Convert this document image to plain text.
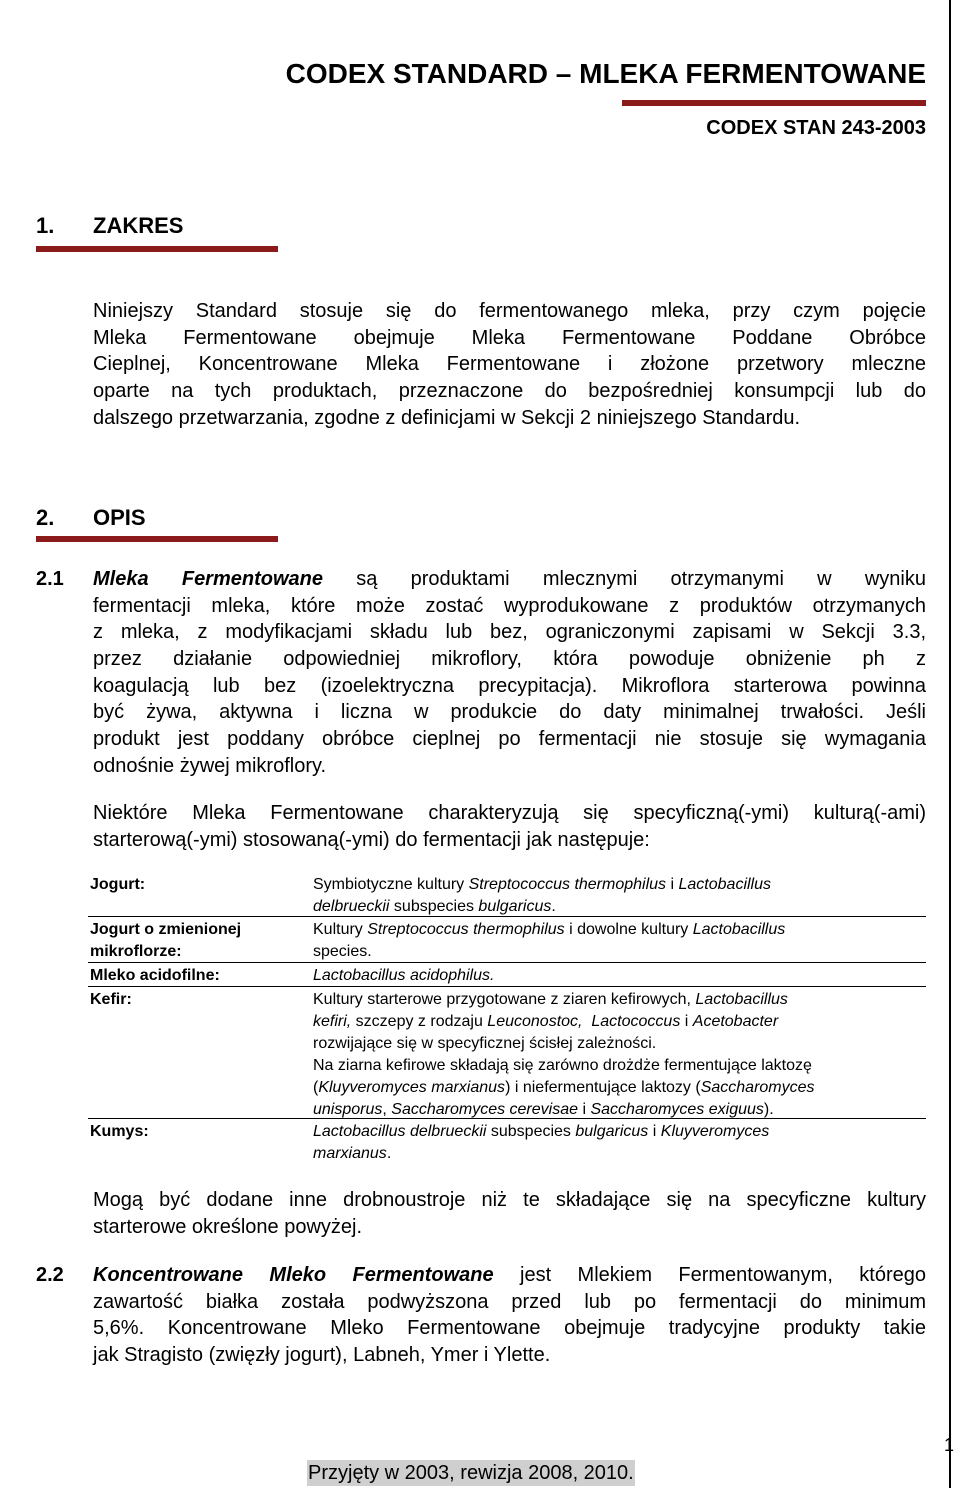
CODEX STANDARD – MLEKA FERMENTOWANE
CODEX STAN 243-2003
1. ZAKRES
Niniejszy Standard stosuje się do fermentowanego mleka, przy czym pojęcie
Mleka Fermentowane obejmuje Mleka Fermentowane Poddane Obróbce
Cieplnej, Koncentrowane Mleka Fermentowane i złożone przetwory mleczne
oparte na tych produktach, przeznaczone do bezpośredniej konsumpcji lub do
dalszego przetwarzania, zgodne z definicjami w Sekcji 2 niniejszego Standardu.
2. OPIS
2.1 Mleka Fermentowane są produktami mlecznymi otrzymanymi w wyniku
fermentacji mleka, które może zostać wyprodukowane z produktów otrzymanych
z mleka, z modyfikacjami składu lub bez, ograniczonymi zapisami w Sekcji 3.3,
przez działanie odpowiedniej mikroflory, która powoduje obniżenie ph z
koagulacją lub bez (izoelektryczna precypitacja). Mikroflora starterowa powinna
być żywa, aktywna i liczna w produkcie do daty minimalnej trwałości. Jeśli
produkt jest poddany obróbce cieplnej po fermentacji nie stosuje się wymagania
odnośnie żywej mikroflory.
Niektóre Mleka Fermentowane charakteryzują się specyficzną(-ymi) kulturą(-ami)
starterową(-ymi) stosowaną(-ymi) do fermentacji jak następuje:
Jogurt:	Symbiotyczne kultury Streptococcus thermophilus i Lactobacillus
delbrueckii subspecies bulgaricus.
Jogurt o zmienionej mikroflorze:
Kultury Streptococcus thermophilus i dowolne kultury Lactobacillus
species.
Mleko acidofilne:	Lactobacillus acidophilus.
Kefir:	Kultury starterowe przygotowane z ziaren kefirowych, Lactobacillus
kefiri, szczepy z rodzaju Leuconostoc, Lactococcus i Acetobacter
rozwijające się w specyficznej ścisłej zależności.
Na ziarna kefirowe składają się zarówno drożdże fermentujące laktozę
(Kluyveromyces marxianus) i niefermentujące laktozy (Saccharomyces
unisporus, Saccharomyces cerevisae i Saccharomyces exiguus).
Kumys:	Lactobacillus delbrueckii subspecies bulgaricus i Kluyveromyces
marxianus.
Mogą być dodane inne drobnoustroje niż te składające się na specyficzne kultury
starterowe określone powyżej.
2.2 Koncentrowane Mleko Fermentowane jest Mlekiem Fermentowanym, którego
zawartość białka została podwyższona przed lub po fermentacji do minimum
5,6%. Koncentrowane Mleko Fermentowane obejmuje tradycyjne produkty takie
jak Stragisto (zwięzły jogurt), Labneh, Ymer i Ylette.
1
Przyjęty w 2003, rewizja 2008, 2010.
